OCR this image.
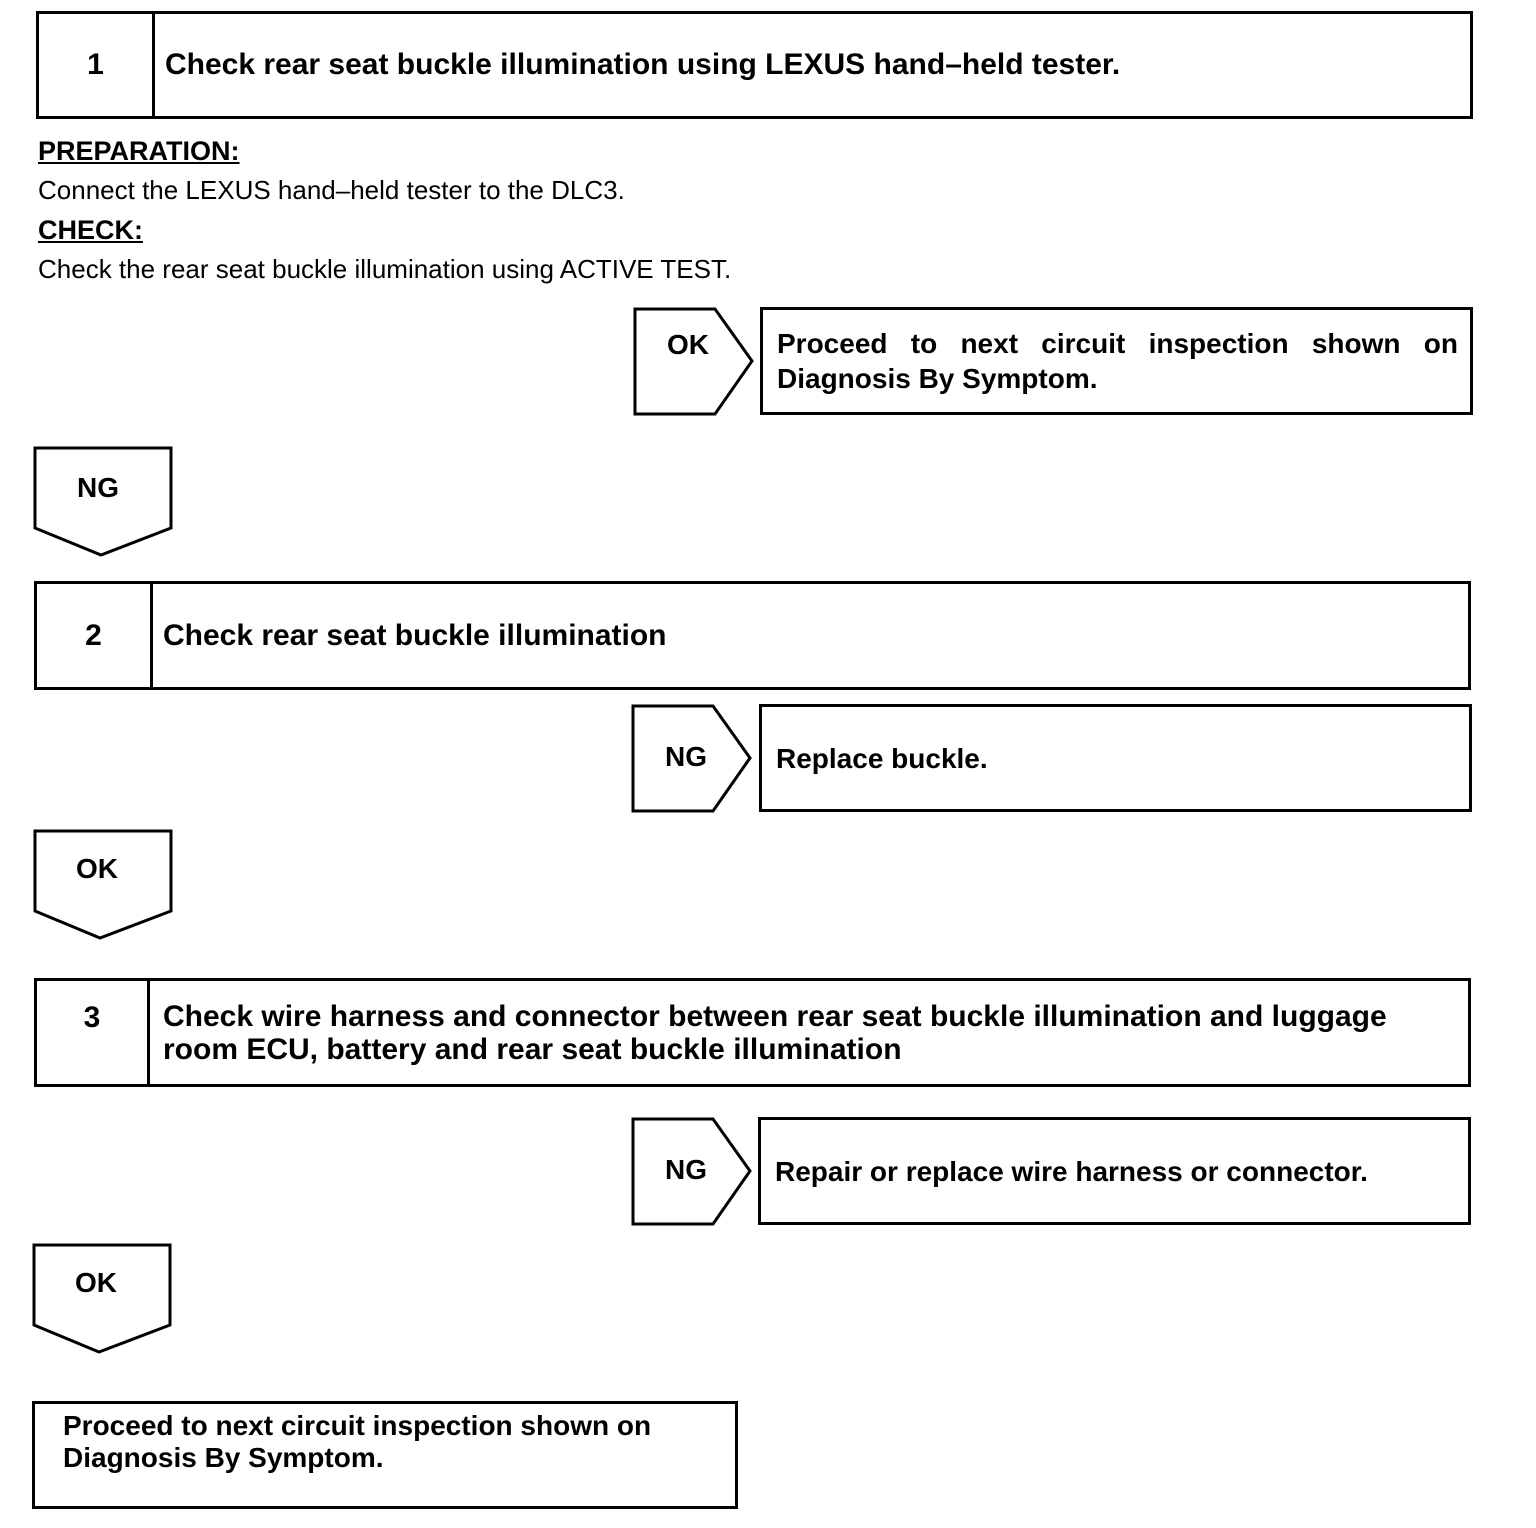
1	Check rear seat buckle illumination using LEXUS hand–held tester.
PREPARATION:
Connect the LEXUS hand–held tester to the DLC3.
CHECK:
Check the rear seat buckle illumination using ACTIVE TEST.
OK Proceed to next circuit inspection shown on Diagnosis By Symptom.
NG
2	Check rear seat buckle illumination
NG Replace buckle.
OK
3	Check wire harness and connector between rear seat buckle illumination and luggage room ECU, battery and rear seat buckle illumination
NG Repair or replace wire harness or connector.
OK
Proceed to next circuit inspection shown on Diagnosis By Symptom.
